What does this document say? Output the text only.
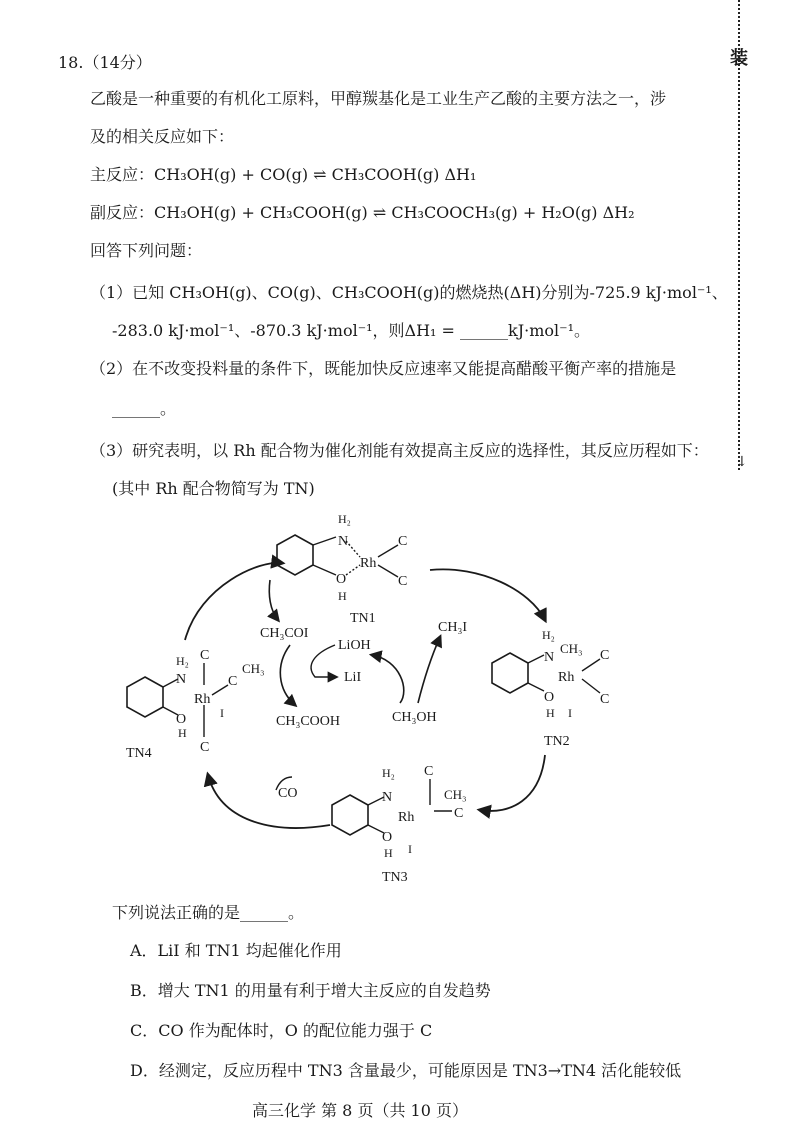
装
↓
18.（14分）
乙酸是一种重要的有机化工原料，甲醇羰基化是工业生产乙酸的主要方法之一，涉
及的相关反应如下：
主反应：CH₃OH(g) + CO(g) ⇌ CH₃COOH(g) ΔH₁
副反应：CH₃OH(g) + CH₃COOH(g) ⇌ CH₃COOCH₃(g) + H₂O(g) ΔH₂
回答下列问题：
（1）已知 CH₃OH(g)、CO(g)、CH₃COOH(g)的燃烧热(ΔH)分别为-725.9 kJ·mol⁻¹、
-283.0 kJ·mol⁻¹、-870.3 kJ·mol⁻¹，则ΔH₁ = ______kJ·mol⁻¹。
（2）在不改变投料量的条件下，既能加快反应速率又能提高醋酸平衡产率的措施是
______。
（3）研究表明，以 Rh 配合物为催化剂能有效提高主反应的选择性，其反应历程如下：
(其中 Rh 配合物简写为 TN)
H₂
N
Rh
O
H
C
C
TN1
H₂
N
CH₃
Rh
O
H I
C
C
TN2
H₂
N
C
CH₃
Rh	C
O
H I
TN3
C
H₂
N	C
CH₃
Rh
I
O
H
C
TN4
CH₃COI
LiOH
LiI
CH₃COOH	CH₃OH
CH₃I
CO
下列说法正确的是______。
A．LiI 和 TN1 均起催化作用
B．增大 TN1 的用量有利于增大主反应的自发趋势
C．CO 作为配体时，O 的配位能力强于 C
D．经测定，反应历程中 TN3 含量最少，可能原因是 TN3→TN4 活化能较低
高三化学 第 8 页（共 10 页）
